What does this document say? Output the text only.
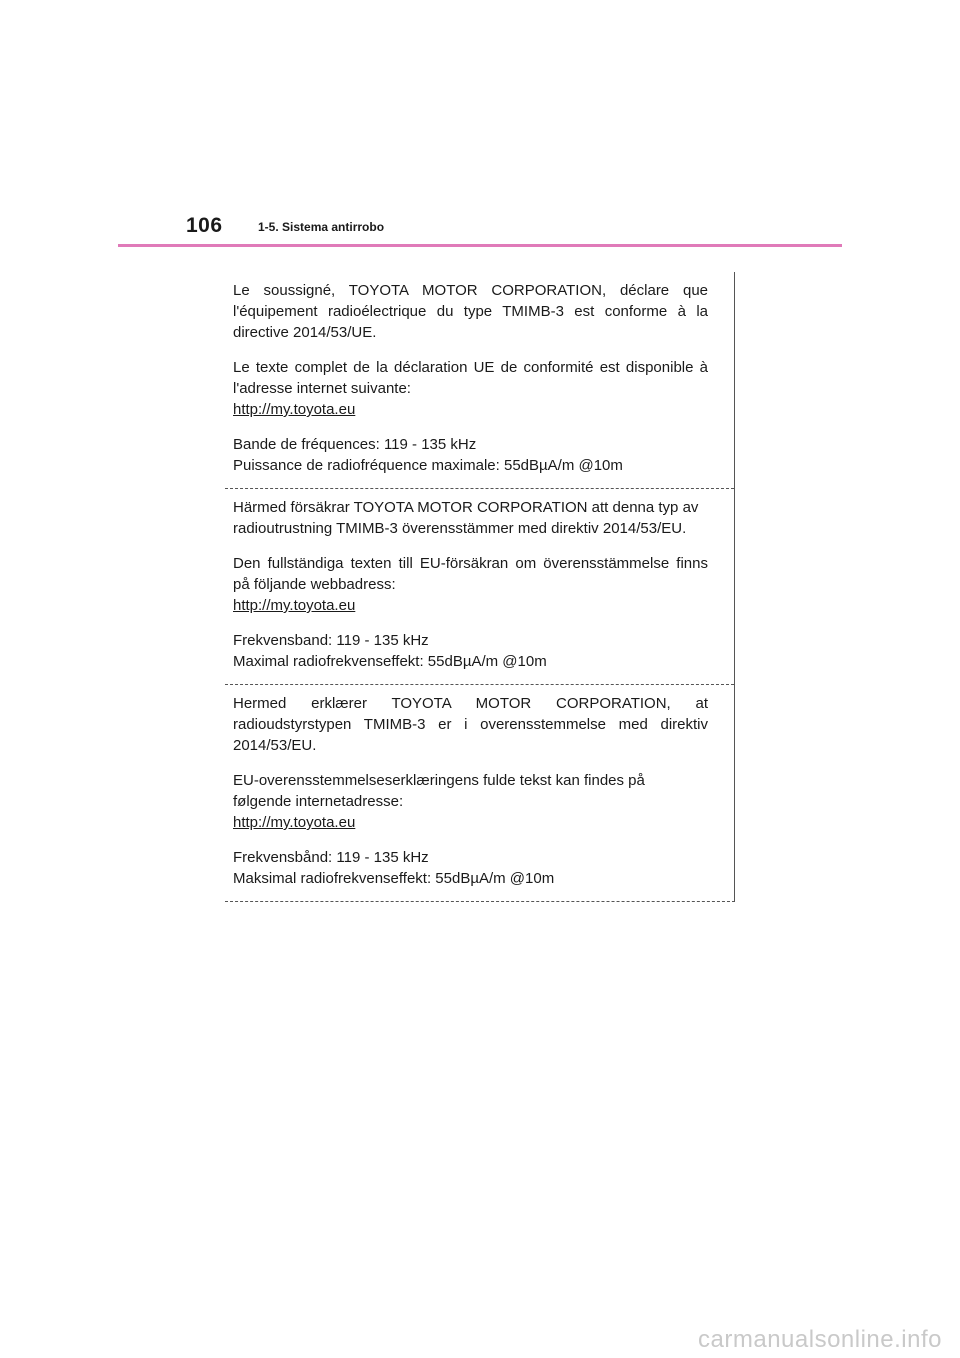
106	1-5. Sistema antirrobo

Le soussigné, TOYOTA MOTOR CORPORATION, déclare que l'équipement radioélectrique du type TMIMB-3 est conforme à la directive 2014/53/UE.

Le texte complet de la déclaration UE de conformité est disponible à l'adresse internet suivante:
http://my.toyota.eu

Bande de fréquences: 119 - 135 kHz
Puissance de radiofréquence maximale: 55dBµA/m @10m

Härmed försäkrar TOYOTA MOTOR CORPORATION att denna typ av radioutrustning TMIMB-3 överensstämmer med direktiv 2014/53/EU.

Den fullständiga texten till EU-försäkran om överensstämmelse finns på följande webbadress:
http://my.toyota.eu

Frekvensband: 119 - 135 kHz
Maximal radiofrekvenseffekt: 55dBµA/m @10m

Hermed erklærer TOYOTA MOTOR CORPORATION, at radioudstyrstypen TMIMB-3 er i overensstemmelse med direktiv 2014/53/EU.

EU-overensstemmelseserklæringens fulde tekst kan findes på
følgende internetadresse:
http://my.toyota.eu

Frekvensbånd: 119 - 135 kHz
Maksimal radiofrekvenseffekt: 55dBµA/m @10m

carmanualsonline.info
